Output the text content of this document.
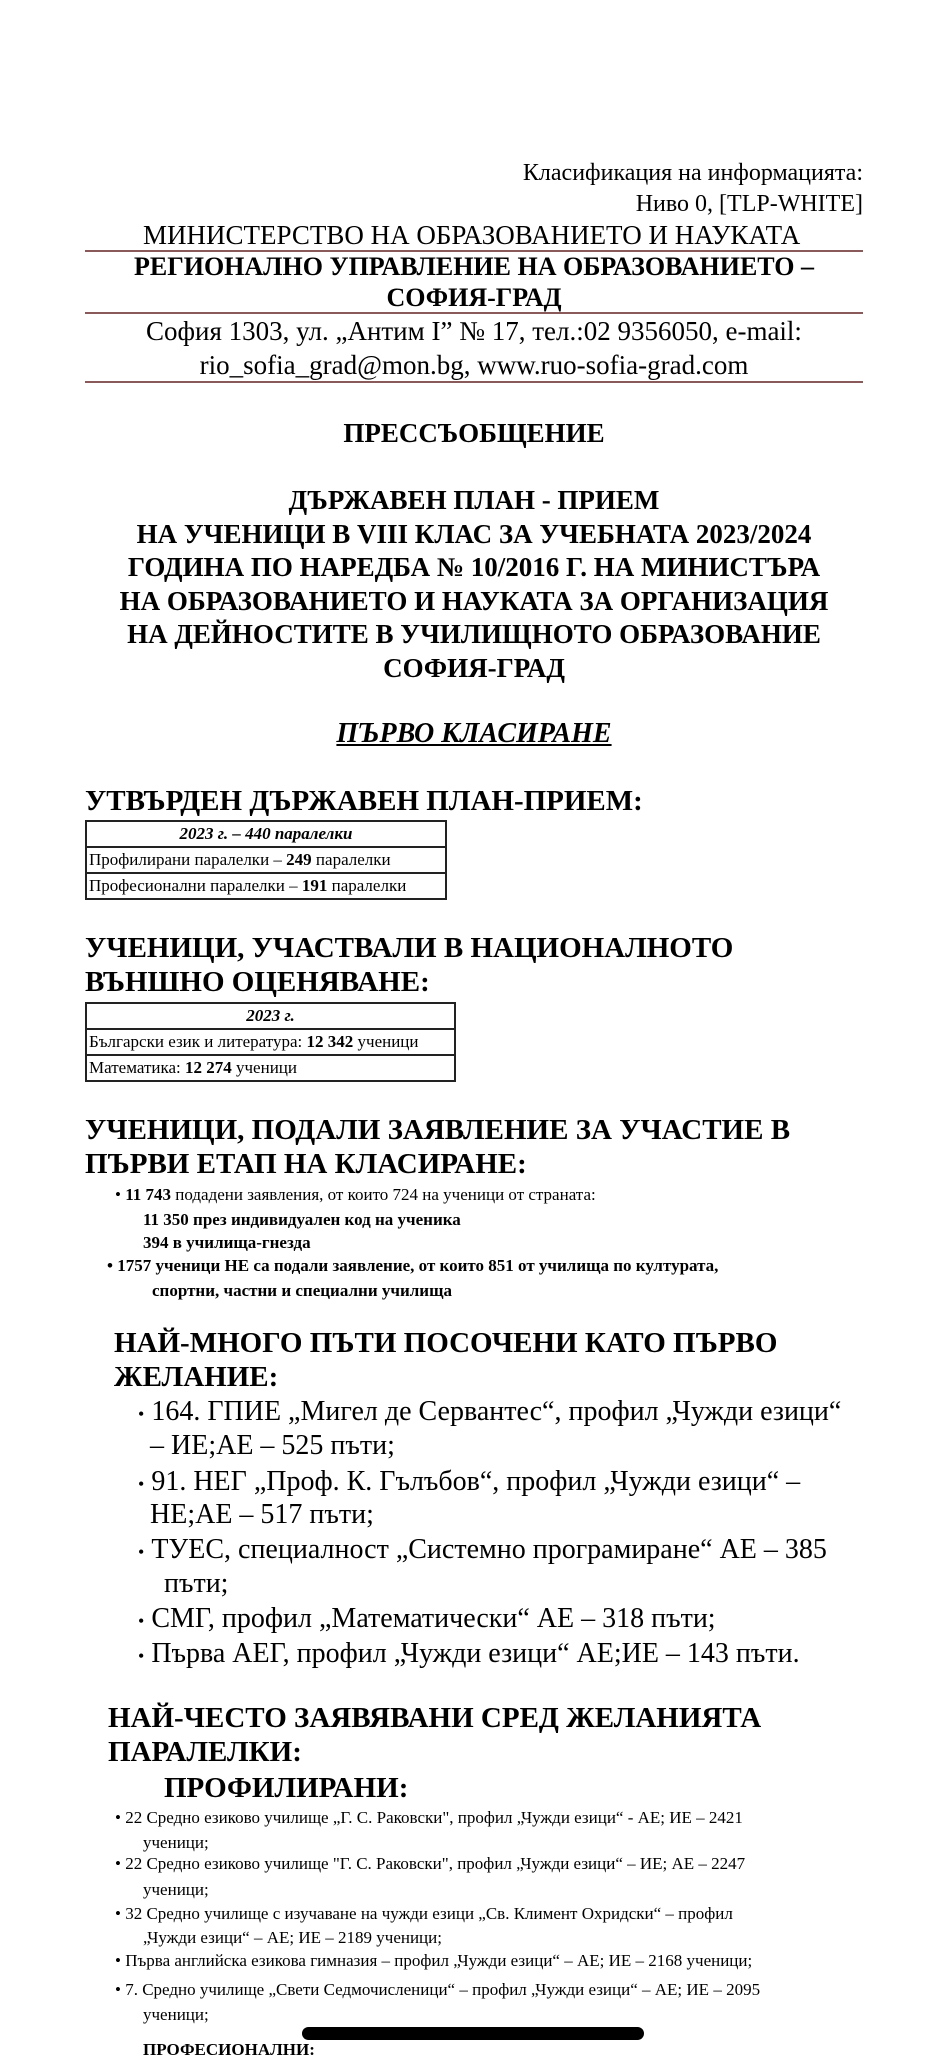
Класификация на информацията:
Ниво 0, [TLP-WHITE]
МИНИСТЕРСТВО НА ОБРАЗОВАНИЕТО И НАУКАТА
РЕГИОНАЛНО УПРАВЛЕНИЕ НА ОБРАЗОВАНИЕТО –
СОФИЯ-ГРАД
София 1303, ул. „Антим I” № 17, тел.:02 9356050, e-mail:
rio_sofia_grad@mon.bg, www.ruo-sofia-grad.com
ПРЕССЪОБЩЕНИЕ
ДЪРЖАВЕН ПЛАН - ПРИЕМ
НА УЧЕНИЦИ В VIII КЛАС ЗА УЧЕБНАТА 2023/2024
ГОДИНА ПО НАРЕДБА № 10/2016 Г. НА МИНИСТЪРА
НА ОБРАЗОВАНИЕТО И НАУКАТА ЗА ОРГАНИЗАЦИЯ
НА ДЕЙНОСТИТЕ В УЧИЛИЩНОТО ОБРАЗОВАНИЕ
СОФИЯ-ГРАД
ПЪРВО КЛАСИРАНЕ
УТВЪРДЕН ДЪРЖАВЕН ПЛАН-ПРИЕМ:
2023 г. – 440 паралелки
Профилирани паралелки – 249 паралелки
Професионални паралелки – 191 паралелки
УЧЕНИЦИ, УЧАСТВАЛИ В НАЦИОНАЛНОТО
ВЪНШНО ОЦЕНЯВАНЕ:
2023 г.
Български език и литература: 12 342 ученици
Математика: 12 274 ученици
УЧЕНИЦИ, ПОДАЛИ ЗАЯВЛЕНИЕ ЗА УЧАСТИЕ В
ПЪРВИ ЕТАП НА КЛАСИРАНЕ:
• 11 743 подадени заявления, от които 724 на ученици от страната:
11 350 през индивидуален код на ученика
394 в училища-гнезда
• 1757 ученици НЕ са подали заявление, от които 851 от училища по културата,
спортни, частни и специални училища
НАЙ-МНОГО ПЪТИ ПОСОЧЕНИ КАТО ПЪРВО
ЖЕЛАНИЕ:
• 164. ГПИЕ „Мигел де Сервантес“, профил „Чужди езици“
– ИЕ;АЕ – 525 пъти;
• 91. НЕГ „Проф. К. Гълъбов“, профил „Чужди езици“ –
НЕ;АЕ – 517 пъти;
• ТУЕС, специалност „Системно програмиране“ АЕ – 385
пъти;
• СМГ, профил „Математически“ АЕ – 318 пъти;
• Първа АЕГ, профил „Чужди езици“ АЕ;ИЕ – 143 пъти.
НАЙ-ЧЕСТО ЗАЯВЯВАНИ СРЕД ЖЕЛАНИЯТА
ПАРАЛЕЛКИ:
ПРОФИЛИРАНИ:
• 22 Средно езиково училище „Г. С. Раковски", профил „Чужди езици“ - АЕ; ИЕ – 2421
ученици;
• 22 Средно езиково училище "Г. С. Раковски", профил „Чужди езици“ – ИЕ; АЕ – 2247
ученици;
• 32 Средно училище с изучаване на чужди езици „Св. Климент Охридски“ – профил
„Чужди езици“ – АЕ; ИЕ – 2189 ученици;
• Първа английска езикова гимназия – профил „Чужди езици“ – АЕ; ИЕ – 2168 ученици;
• 7. Средно училище „Свети Седмочисленици“ – профил „Чужди езици“ – АЕ; ИЕ – 2095
ученици;
ПРОФЕСИОНАЛНИ:
